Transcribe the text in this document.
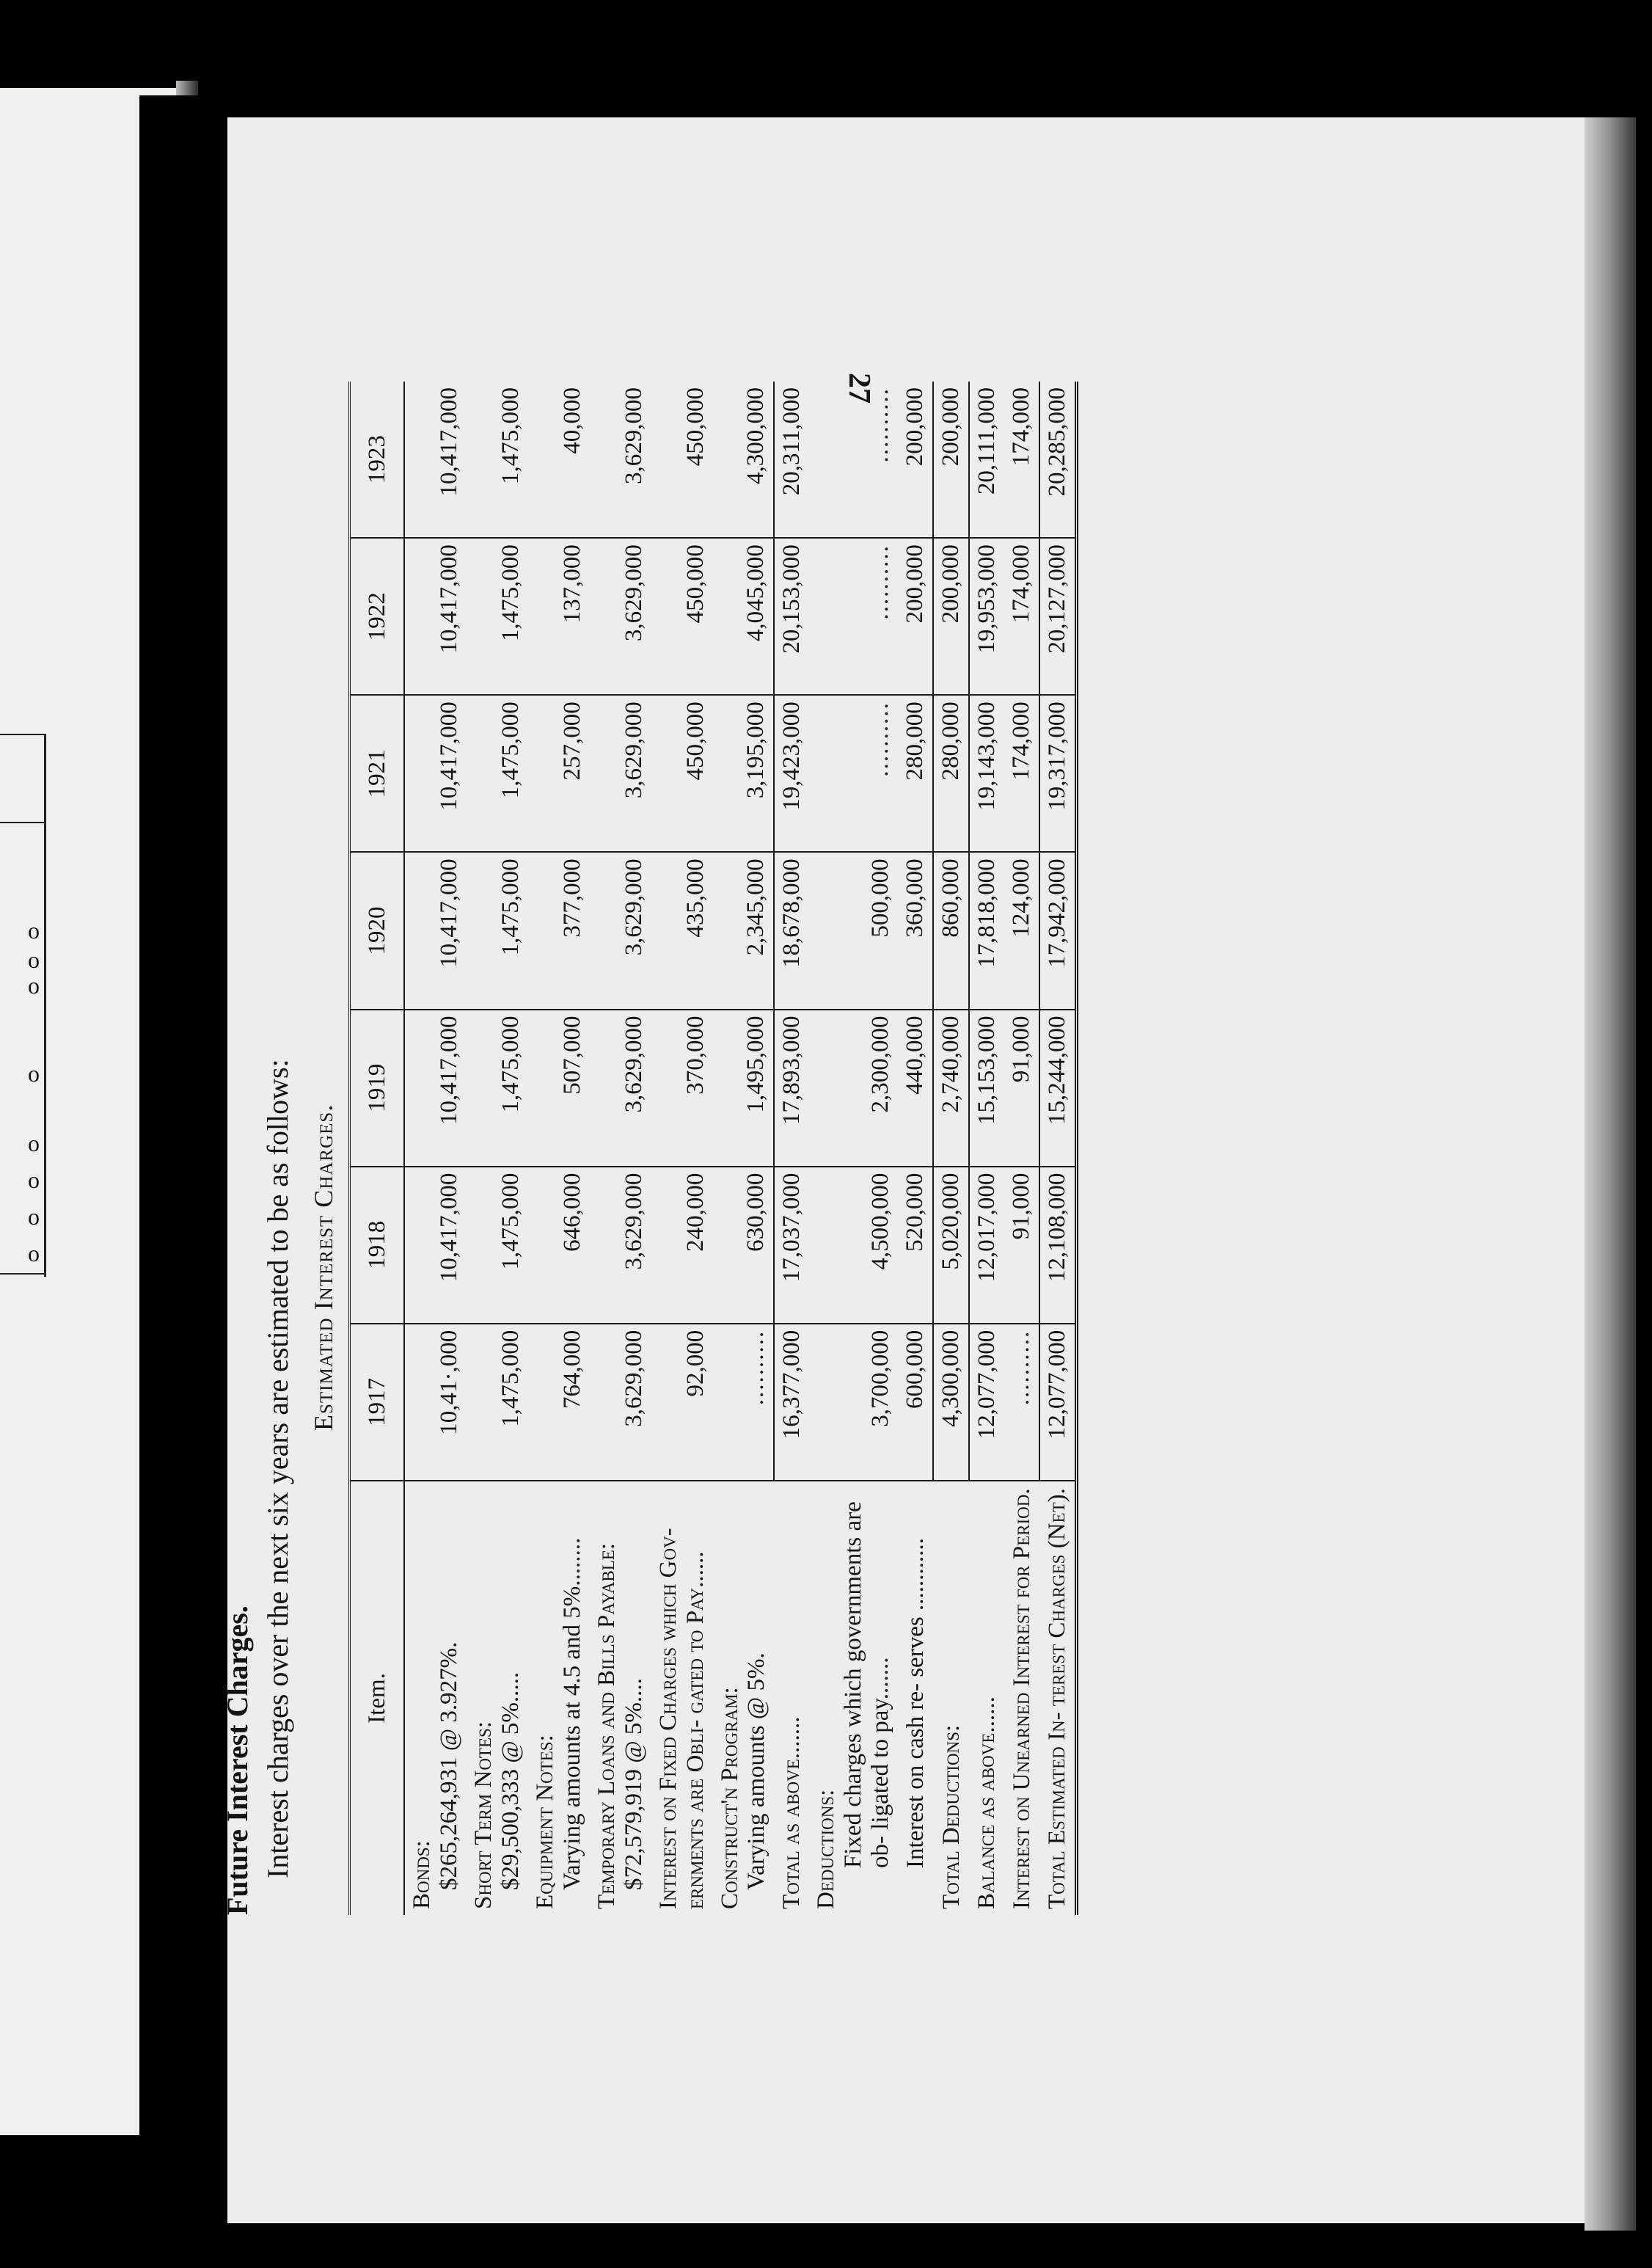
o
o
o
o
o
o
o
o
27
Future Interest Charges. Interest charges over the next six years are estimated to be as follows: Estimated Interest Charges.
Item.	1917	1918	1919	1920	1921	1922	1923
Bonds: $265,264,931 @ 3.927%.	10,41·,000	10,417,000	10,417,000	10,417,000	10,417,000	10,417,000	10,417,000
Short Term Notes: $29,500,333 @ 5%.....	1,475,000	1,475,000	1,475,000	1,475,000	1,475,000	1,475,000	1,475,000
Equipment Notes: Varying amounts at 4.5 and 5%........	764,000	646,000	507,000	377,000	257,000	137,000	40,000
Temporary Loans and Bills Payable: $72,579,919 @ 5%....	3,629,000	3,629,000	3,629,000	3,629,000	3,629,000	3,629,000	3,629,000
Interest on Fixed Charges which Gov- ernments are Obli- gated to Pay......	92,000	240,000	370,000	435,000	450,000	450,000	450,000
Construct'n Program: Varying amounts @ 5%.	..........	630,000	1,495,000	2,345,000	3,195,000	4,045,000	4,300,000
Total as above.......	16,377,000	17,037,000	17,893,000	18,678,000	19,423,000	20,153,000	20,311,000
Deductions: Fixed charges which governments are ob- ligated to pay.......	3,700,000	4,500,000	2,300,000	500,000	..........	..........	..........

Interest on cash re- serves ............	600,000	520,000	440,000	360,000	280,000	200,000	200,000
Total Deductions:	4,300,000	5,020,000	2,740,000	860,000	280,000	200,000	200,000
Balance as above......	12,077,000	12,017,000	15,153,000	17,818,000	19,143,000	19,953,000	20,111,000
Interest on Unearned Interest for Period.	..........	91,000	91,000	124,000	174,000	174,000	174,000
Total Estimated In- terest Charges (Net).	12,077,000	12,108,000	15,244,000	17,942,000	19,317,000	20,127,000	20,285,000
